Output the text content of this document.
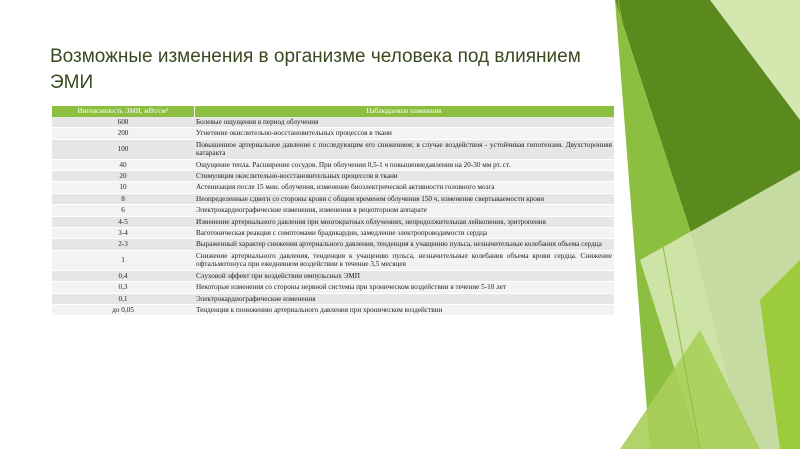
Возможные изменения в организме человека под влиянием ЭМИ
Интенсивность ЭМИ, мВт/см²	Наблюдаемые изменения
600	Болевые ощущения в период облучения
200	Угнетение окислительно-восстановительных процессов в ткани
100	Повышенное артериальное давление с последующим его снижением; в случае воздействия - устойчивая гипотензия. Двухсторонняя катаракта
40	Ощущение тепла. Расширение сосудов. При облучении 0,5-1 ч повышениедавления на 20-30 мм рт. ст.
20	Стимуляция окислительно-восстановительных процессов в ткани
10	Астенизация после 15 мин. облучения, изменение биоэлектрической активности головного мозга
8	Неопределенные сдвиги со стороны крови с общим временем облучения 150 ч, изменение свертываемости крови
6	Электрокардиографические изменения, изменения в рецепторном аппарате
4-5	Изменение артериального давления при многократных облучениях, непродолжительная лейкопения, эритропения
3-4	Ваготоническая реакция с симптомами брадикардии, замедление электропроводимости сердца
2-3	Выраженный характер снижения артериального давления, тенденция к учащению пульса, незначительные колебания объема сердца
1	Снижение артериального давления, тенденция к учащению пульса, незначительные колебания объема крови сердца. Снижение офтальмотонуса при ежедневном воздействии в течение 3,5 месяцев
0,4	Слуховой эффект при воздействии импульсных ЭМП
0,3	Некоторые изменения со стороны нервной системы при хроническом воздействии в течение 5-10 лет
0,1	Электрокардиографические изменения
до 0,05	Тенденция к понижению артериального давления при хроническом воздействии
